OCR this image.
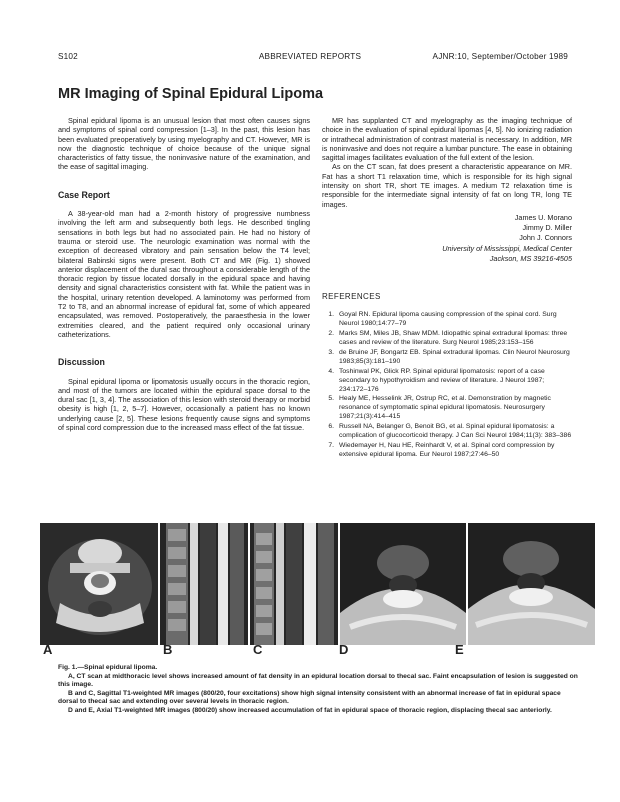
S102	ABBREVIATED REPORTS	AJNR:10, September/October 1989
MR Imaging of Spinal Epidural Lipoma

Spinal epidural lipoma is an unusual lesion that most often causes signs and symptoms of spinal cord compression [1–3]. In the past, this lesion has been evaluated preoperatively by using myelography and CT. However, MR is now the diagnostic technique of choice because of the unique signal characteristics of fatty tissue, the noninvasive nature of the examination, and the ease of sagittal imaging.

Case Report

A 38-year-old man had a 2-month history of progressive numbness involving the left arm and subsequently both legs. He described tingling sensations in both legs but had no associated pain. He had no history of trauma or steroid use. The neurologic examination was normal with the exception of decreased vibratory and pain sensation below the T4 level; bilateral Babinski signs were present. Both CT and MR (Fig. 1) showed anterior displacement of the dural sac throughout a considerable length of the thoracic region by tissue located dorsally in the epidural space and having density and signal characteristics consistent with fat. While the patient was in the hospital, urinary retention developed. A laminotomy was performed from T2 to T8, and an abnormal increase of epidural fat, some of which appeared encapsulated, was removed. Postoperatively, the paraesthesia in the lower extremities cleared, and the patient required only occasional urinary catheterizations.

Discussion

Spinal epidural lipoma or lipomatosis usually occurs in the thoracic region, and most of the tumors are located within the epidural space dorsal to the dural sac [1, 3, 4]. The association of this lesion with steroid therapy or morbid obesity is high [1, 2, 5–7]. However, occasionally a patient has no known underlying cause [2, 5]. These lesions frequently cause signs and symptoms of spinal cord compression due to the increased mass effect of the fat tissue.

MR has supplanted CT and myelography as the imaging technique of choice in the evaluation of spinal epidural lipomas [4, 5]. No ionizing radiation or intrathecal administration of contrast material is necessary. In addition, MR is noninvasive and does not require a lumbar puncture. The ease in obtaining sagittal images facilitates evaluation of the full extent of the lesion.

As on the CT scan, fat does present a characteristic appearance on MR. Fat has a short T1 relaxation time, which is responsible for its high signal intensity on short TR, short TE images. A medium T2 relaxation time is responsible for the intermediate signal intensity of fat on long TR, long TE images.

James U. Morano
Jimmy D. Miller
John J. Connors
University of Mississippi, Medical Center
Jackson, MS 39216-4505
REFERENCES
1. Goyal RN. Epidural lipoma causing compression of the spinal cord. Surg Neurol 1980;14:77–79
2. Marks SM, Miles JB, Shaw MDM. Idiopathic spinal extradural lipomas: three cases and review of the literature. Surg Neurol 1985;23:153–156
3. de Bruine JF, Bongartz EB. Spinal extradural lipomas. Clin Neurol Neurosurg 1983;85(3):181–190
4. Toshinwal PK, Glick RP. Spinal epidural lipomatosis: report of a case secondary to hypothyroidism and review of literature. J Neurol 1987; 234:172–176
5. Healy ME, Hesselink JR, Ostrup RC, et al. Demonstration by magnetic resonance of symptomatic spinal epidural lipomatosis. Neurosurgery 1987;21(3):414–415
6. Russell NA, Belanger G, Benoit BG, et al. Spinal epidural lipomatosis: a complication of glucocorticoid therapy. J Can Sci Neurol 1984;11(3): 383–386
7. Wiedemayer H, Nau HE, Reinhardt V, et al. Spinal cord compression by extensive epidural lipoma. Eur Neurol 1987;27:46–50
A	B	C	D	E

Fig. 1.—Spinal epidural lipoma.

A, CT scan at midthoracic level shows increased amount of fat density in an epidural location dorsal to thecal sac. Faint encapsulation of lesion is suggested on this image.

B and C, Sagittal T1-weighted MR images (800/20, four excitations) show high signal intensity consistent with an abnormal increase of fat in epidural space dorsal to thecal sac and extending over several levels in thoracic region.

D and E, Axial T1-weighted MR images (800/20) show increased accumulation of fat in epidural space of thoracic region, displacing thecal sac anteriorly.
